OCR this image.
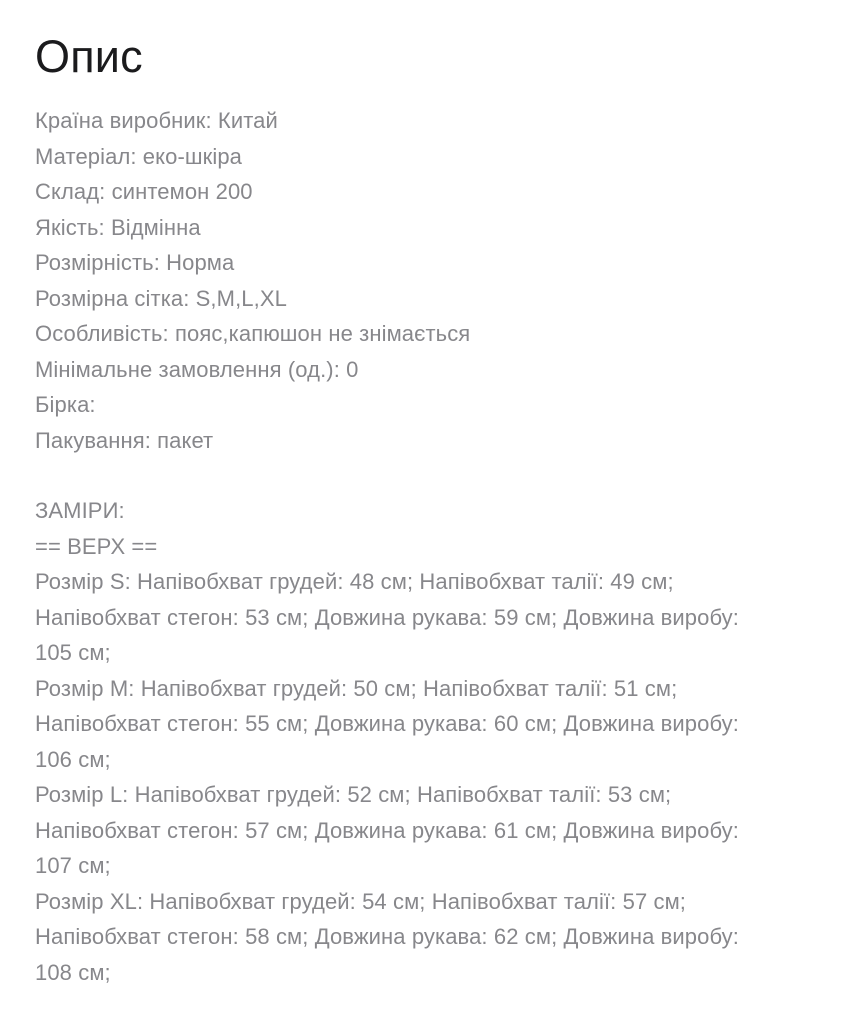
Опис

Країна виробник: Китай

Матеріал: еко-шкіра

Склад: синтемон 200

Якість: Відмінна

Розмірність: Норма

Розмірна сітка: S,M,L,XL

Особливість: пояс,капюшон не знімається

Мінімальне замовлення (од.): 0

Бірка:

Пакування: пакет

ЗАМІРИ:

== ВЕРХ ==

Розмір S: Напівобхват грудей: 48 см; Напівобхват талії: 49 см;

Напівобхват стегон: 53 см; Довжина рукава: 59 см; Довжина виробу:

105 см;

Розмір M: Напівобхват грудей: 50 см; Напівобхват талії: 51 см;

Напівобхват стегон: 55 см; Довжина рукава: 60 см; Довжина виробу:

106 см;

Розмір L: Напівобхват грудей: 52 см; Напівобхват талії: 53 см;

Напівобхват стегон: 57 см; Довжина рукава: 61 см; Довжина виробу:

107 см;

Розмір XL: Напівобхват грудей: 54 см; Напівобхват талії: 57 см;

Напівобхват стегон: 58 см; Довжина рукава: 62 см; Довжина виробу:

108 см;
